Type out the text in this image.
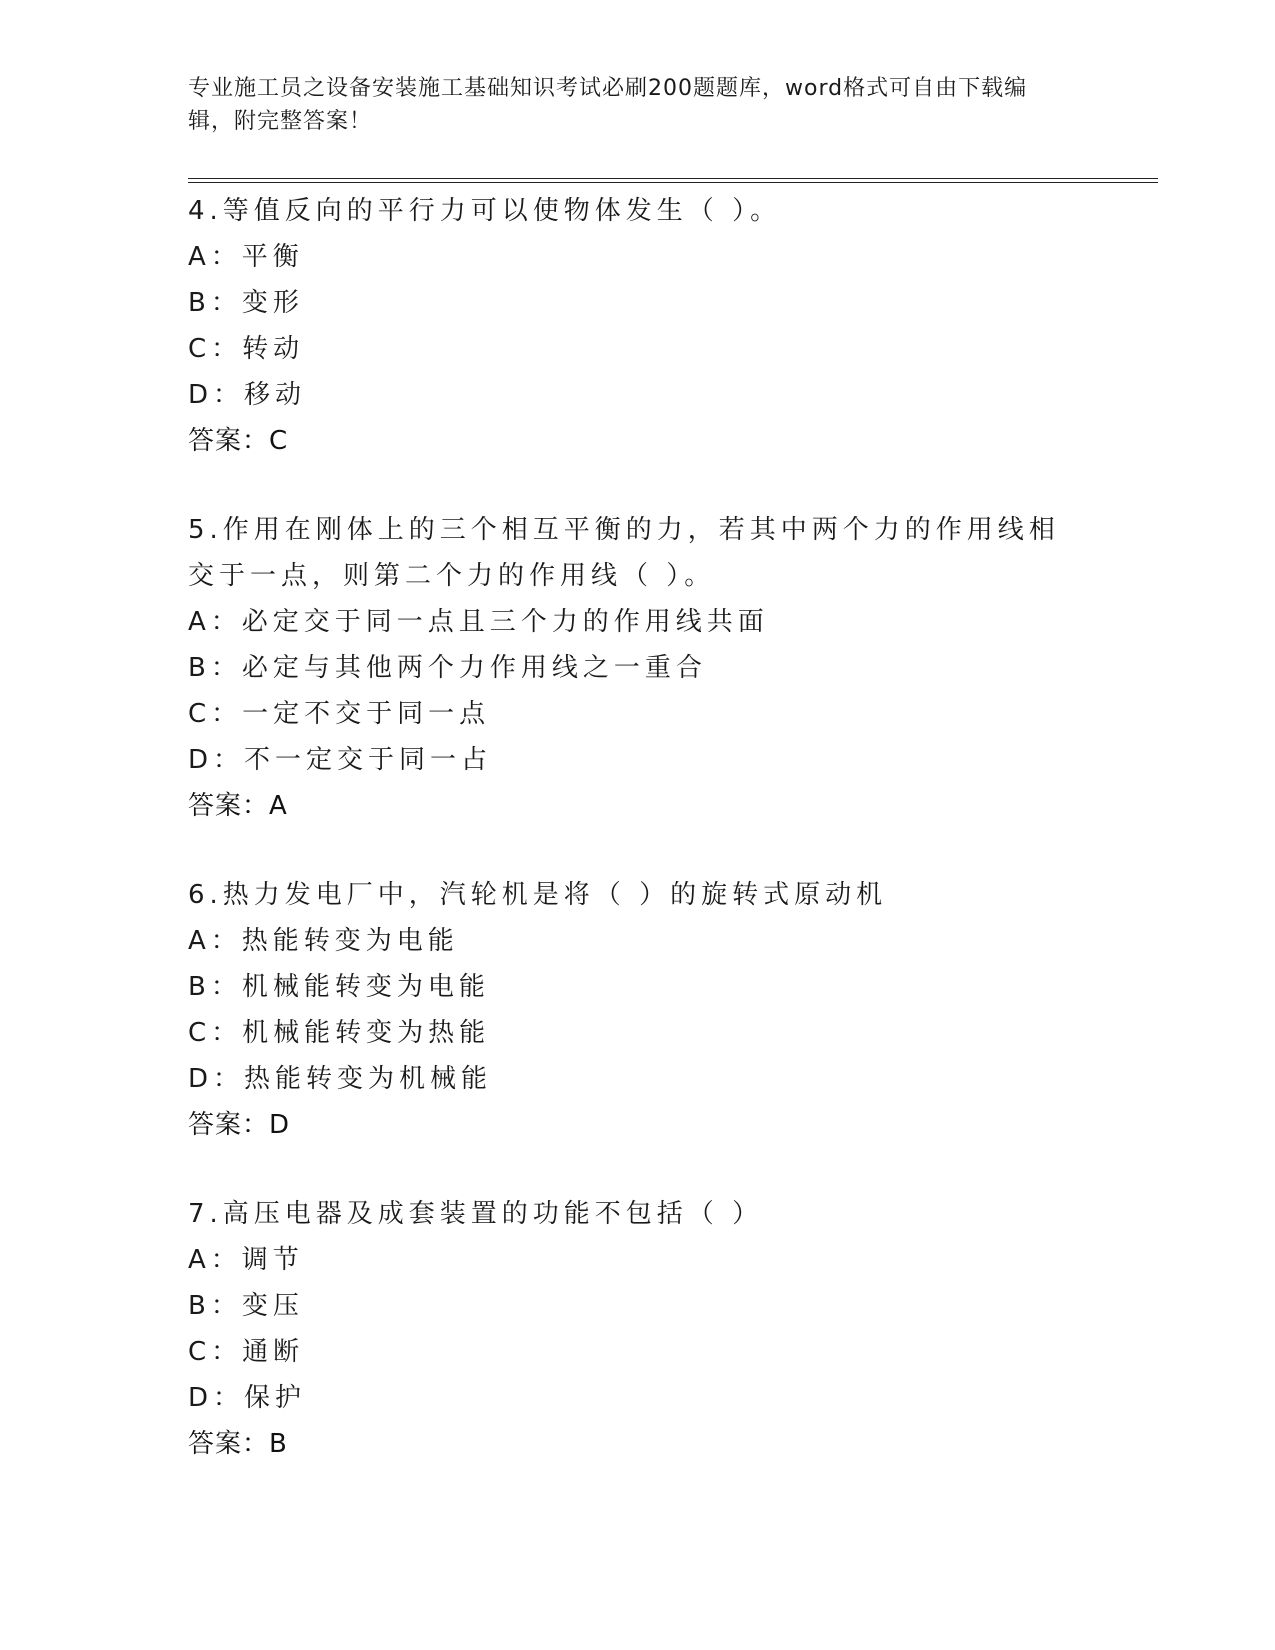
专业施工员之设备安装施工基础知识考试必刷200题题库，word格式可自由下载编辑，附完整答案！
4.等值反向的平行力可以使物体发生（ ）。
A：平衡
B：变形
C：转动
D：移动
答案：C
5.作用在刚体上的三个相互平衡的力，若其中两个力的作用线相交于一点，则第二个力的作用线（ ）。
A：必定交于同一点且三个力的作用线共面
B：必定与其他两个力作用线之一重合
C：一定不交于同一点
D：不一定交于同一占
答案：A
6.热力发电厂中，汽轮机是将（ ）的旋转式原动机
A：热能转变为电能
B：机械能转变为电能
C：机械能转变为热能
D：热能转变为机械能
答案：D
7.高压电器及成套装置的功能不包括（ ）
A：调节
B：变压
C：通断
D：保护
答案：B
